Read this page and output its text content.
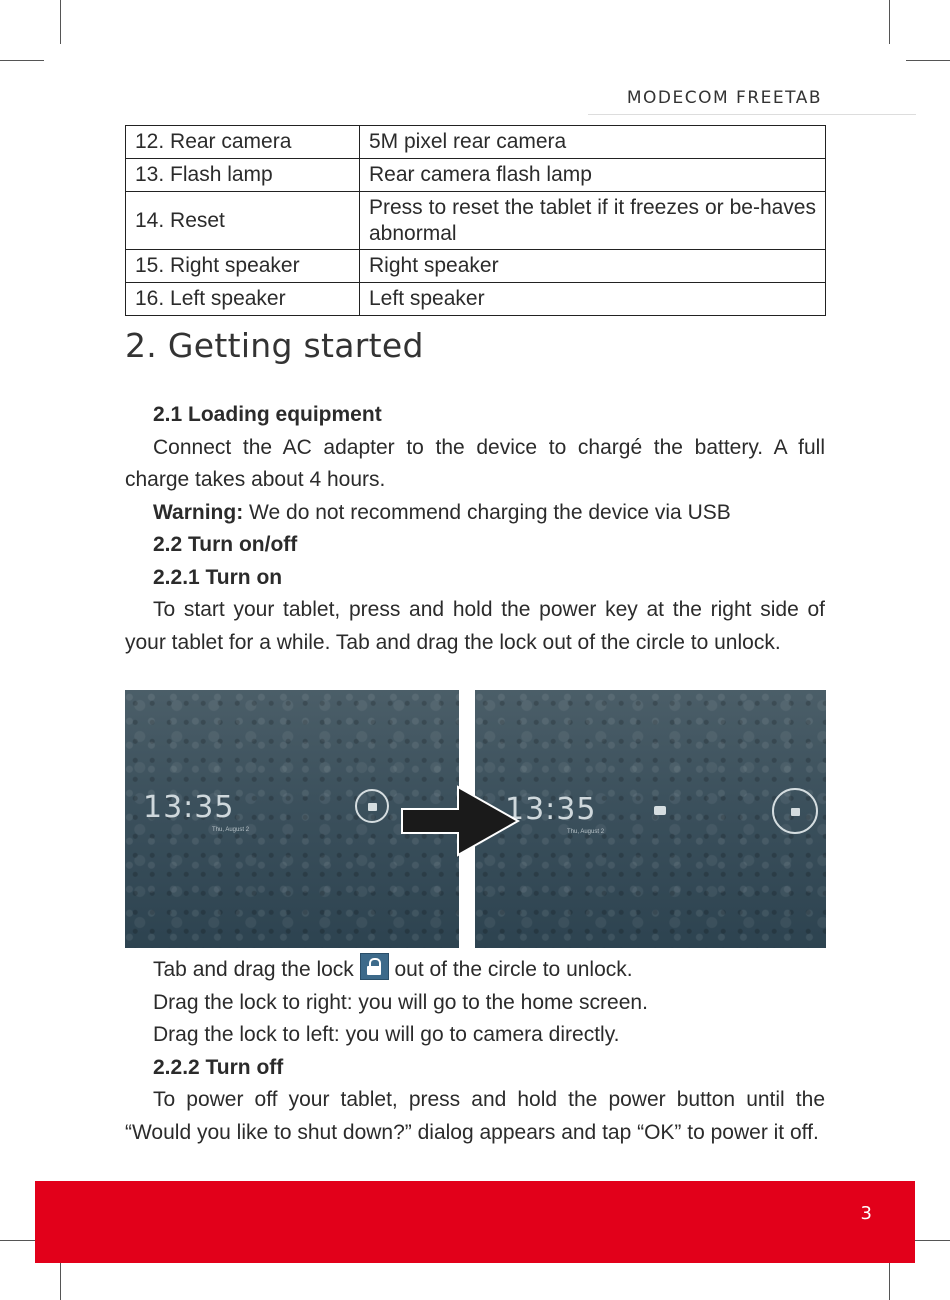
MODECOM FREETAB
12. Rear camera	5M pixel rear camera
13. Flash lamp	Rear camera flash lamp
14. Reset	Press to reset the tablet if it freezes or be-haves abnormal
15. Right speaker	Right speaker
16. Left speaker	Left speaker
2. Getting started

2.1 Loading equipment

Connect the AC adapter to the device to chargé the battery. A full charge takes about 4 hours.

Warning: We do not recommend charging the device via USB

2.2 Turn on/off

2.2.1 Turn on

To start your tablet, press and hold the power key at the right side of your tablet for a while. Tab and drag the lock out of the circle to unlock.

13:35
Thu, August 2
13:35
Thu, August 2

Tab and drag the lock  out of the circle to unlock.

Drag the lock to right: you will go to the home screen.

Drag the lock to left: you will go to camera directly.

2.2.2 Turn off

To power off your tablet, press and hold the power button until the “Would you like to shut down?” dialog appears and tap “OK” to power it off.

3
